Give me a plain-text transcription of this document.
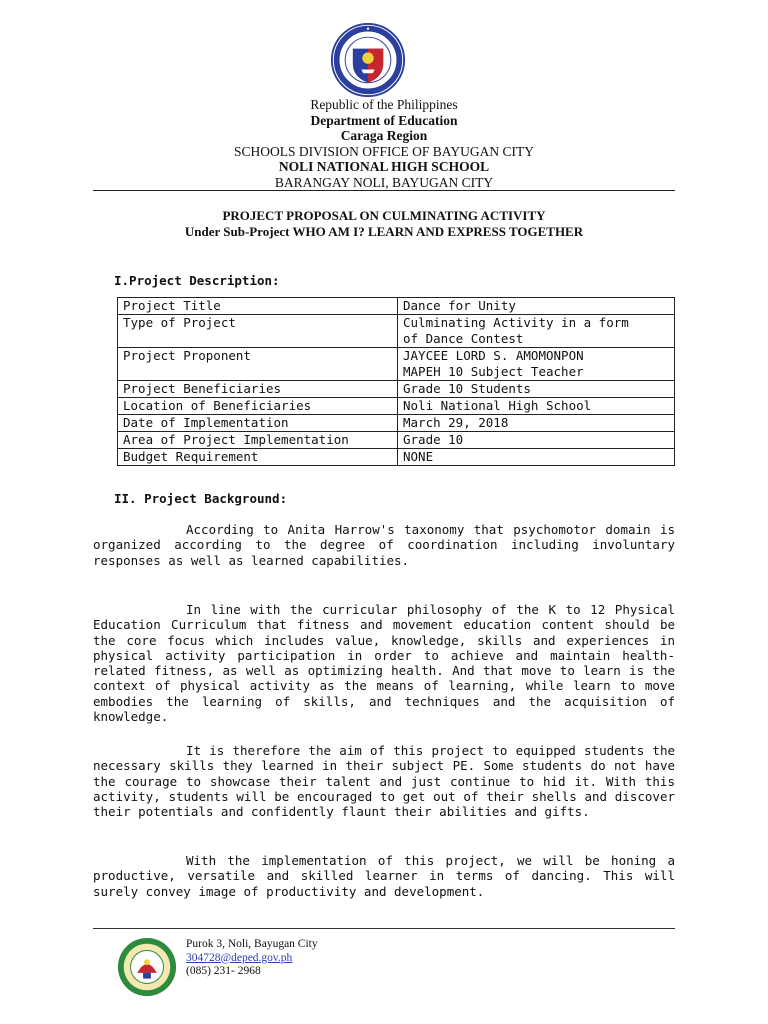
Republic of the Philippines
Department of Education
Caraga Region
SCHOOLS DIVISION OFFICE OF BAYUGAN CITY
NOLI NATIONAL HIGH SCHOOL
BARANGAY NOLI, BAYUGAN CITY
PROJECT PROPOSAL ON CULMINATING ACTIVITY
Under Sub-Project WHO AM I? LEARN AND EXPRESS TOGETHER
I.Project Description:
Project Title	Dance for Unity
Type of Project	Culminating Activity in a form of Dance Contest
Project Proponent	JAYCEE LORD S. AMOMONPON
MAPEH 10 Subject Teacher

Project Beneficiaries	Grade 10 Students
Location of Beneficiaries	Noli National High School
Date of Implementation	March 29, 2018
Area of Project Implementation	Grade 10
Budget Requirement	NONE
II. Project Background:

According to Anita Harrow's taxonomy that psychomotor domain is organized according to the degree of coordination including involuntary responses as well as learned capabilities.

In line with the curricular philosophy of the K to 12 Physical Education Curriculum that fitness and movement education content should be the core focus which includes value, knowledge, skills and experiences in physical activity participation in order to achieve and maintain health-related fitness, as well as optimizing health. And that move to learn is the context of physical activity as the means of learning, while learn to move embodies the learning of skills, and techniques and the acquisition of knowledge.

It is therefore the aim of this project to equipped students the necessary skills they learned in their subject PE. Some students do not have the courage to showcase their talent and just continue to hid it. With this activity, students will be encouraged to get out of their shells and discover their potentials and confidently flaunt their abilities and gifts.

With the implementation of this project, we will be honing a productive, versatile and skilled learner in terms of dancing. This will surely convey image of productivity and development.

Purok 3, Noli, Bayugan City
304728@deped.gov.ph
(085) 231- 2968
